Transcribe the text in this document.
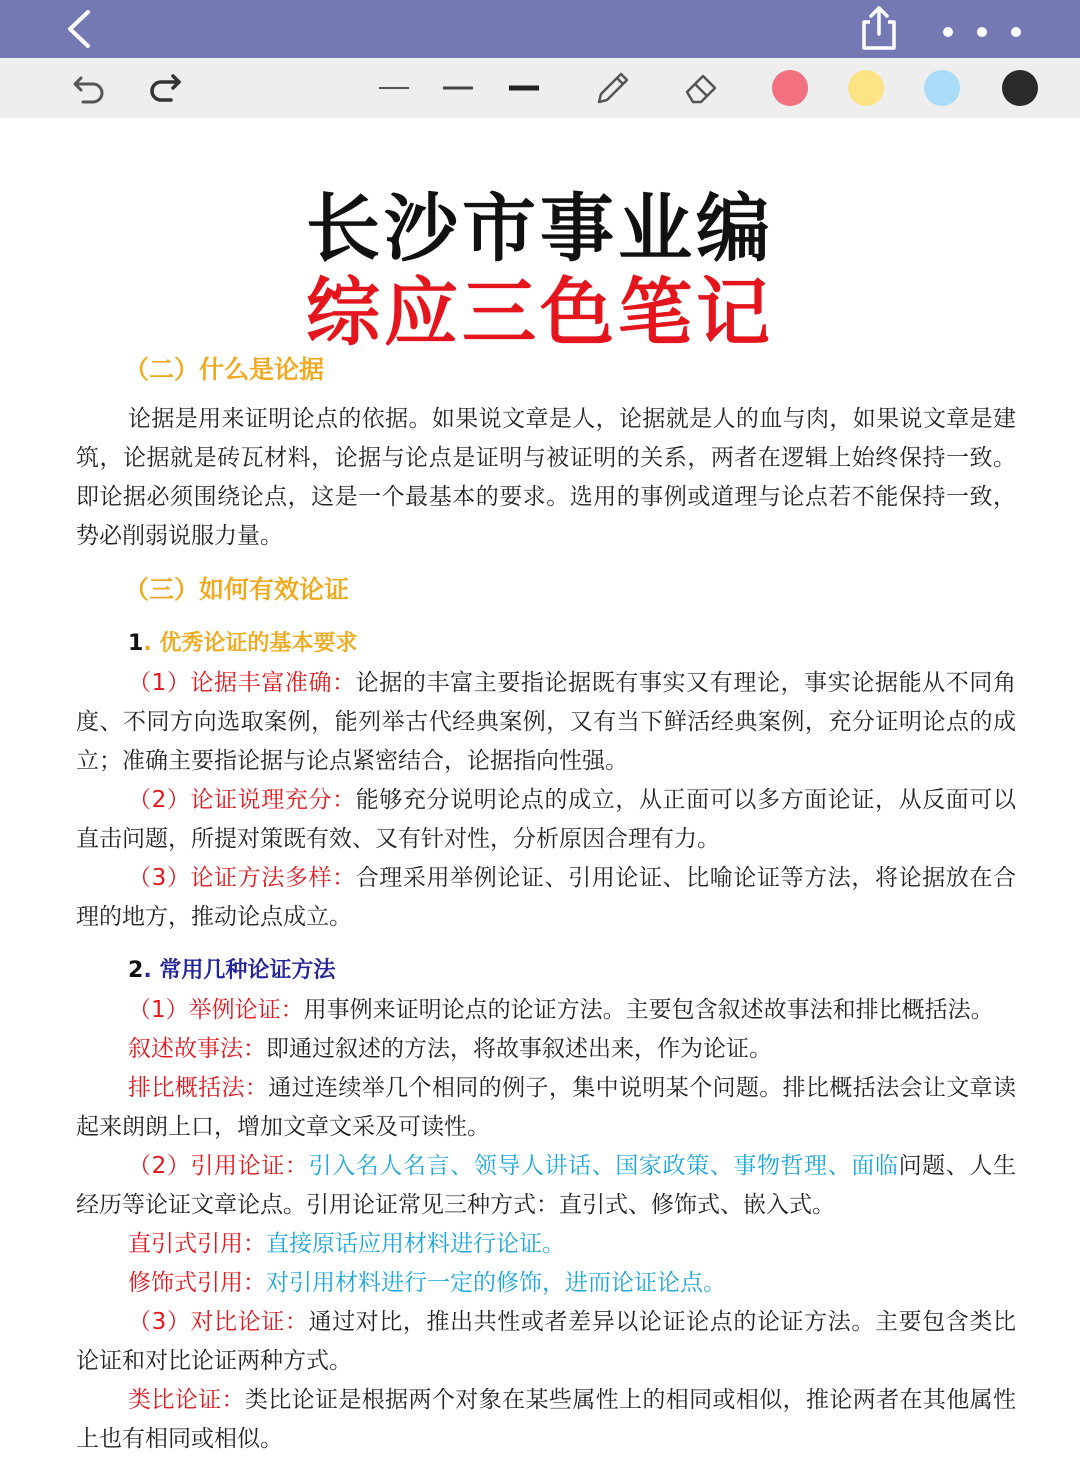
长沙市事业编
综应三色笔记
（二）什么是论据

论据是用来证明论点的依据。如果说文章是人，论据就是人的血与肉，如果说文章是建筑，论据就是砖瓦材料，论据与论点是证明与被证明的关系，两者在逻辑上始终保持一致。即论据必须围绕论点，这是一个最基本的要求。选用的事例或道理与论点若不能保持一致，势必削弱说服力量。

（三）如何有效论证
1. 优秀论证的基本要求

（1）论据丰富准确：论据的丰富主要指论据既有事实又有理论，事实论据能从不同角度、不同方向选取案例，能列举古代经典案例，又有当下鲜活经典案例，充分证明论点的成立；准确主要指论据与论点紧密结合，论据指向性强。

（2）论证说理充分：能够充分说明论点的成立，从正面可以多方面论证，从反面可以直击问题，所提对策既有效、又有针对性，分析原因合理有力。

（3）论证方法多样：合理采用举例论证、引用论证、比喻论证等方法，将论据放在合理的地方，推动论点成立。

2. 常用几种论证方法

（1）举例论证：用事例来证明论点的论证方法。主要包含叙述故事法和排比概括法。

叙述故事法：即通过叙述的方法，将故事叙述出来，作为论证。

排比概括法：通过连续举几个相同的例子，集中说明某个问题。排比概括法会让文章读起来朗朗上口，增加文章文采及可读性。

（2）引用论证：引入名人名言、领导人讲话、国家政策、事物哲理、面临问题、人生经历等论证文章论点。引用论证常见三种方式：直引式、修饰式、嵌入式。

直引式引用：直接原话应用材料进行论证。

修饰式引用：对引用材料进行一定的修饰，进而论证论点。

（3）对比论证：通过对比，推出共性或者差异以论证论点的论证方法。主要包含类比论证和对比论证两种方式。

类比论证：类比论证是根据两个对象在某些属性上的相同或相似，推论两者在其他属性上也有相同或相似。
